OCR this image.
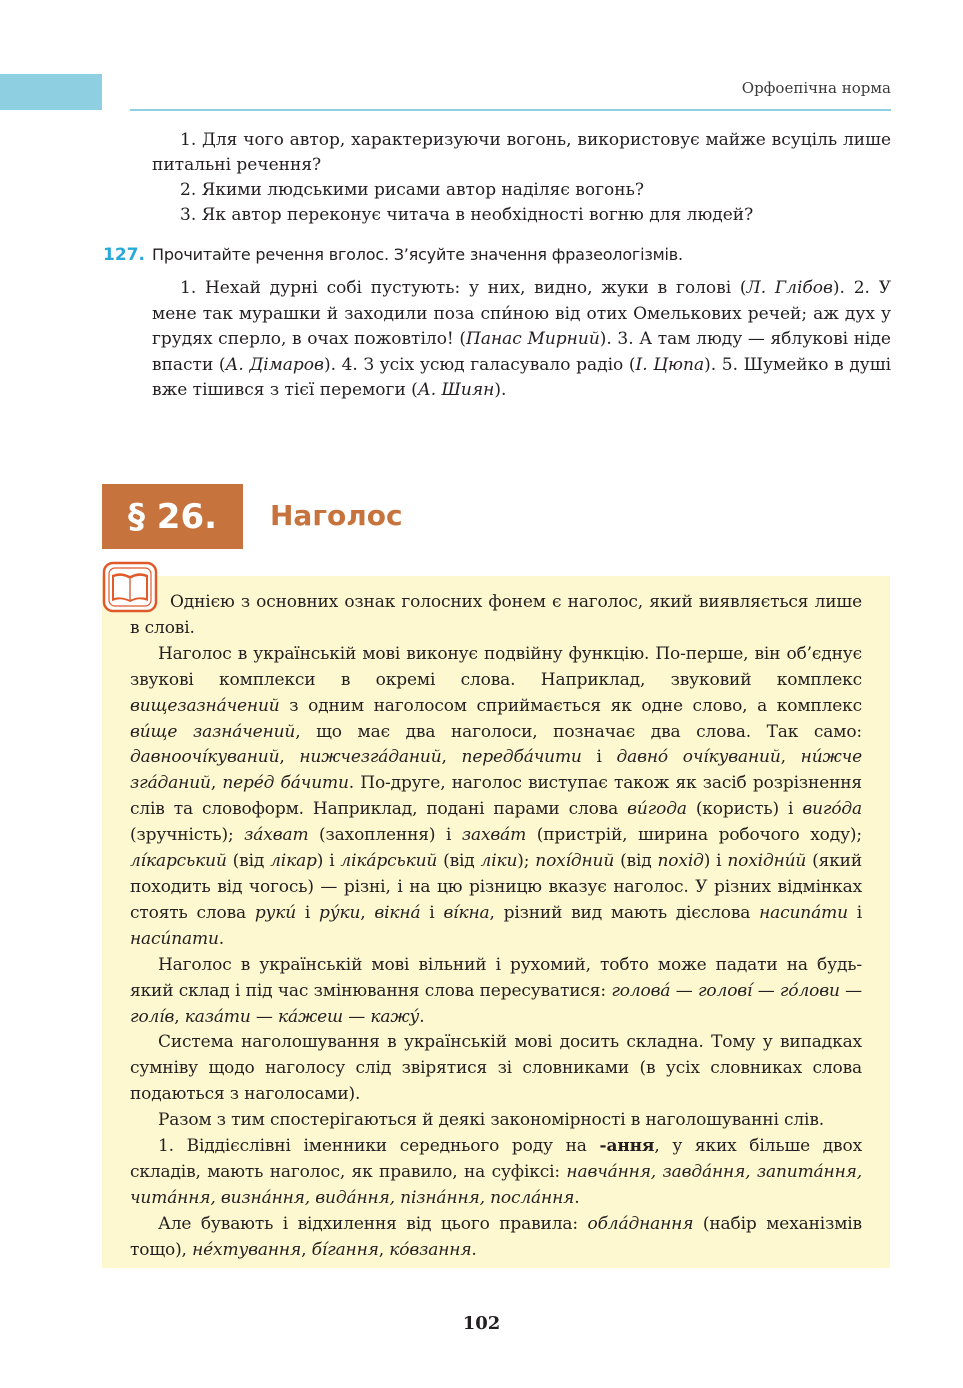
Орфоепічна норма

1. Для чого автор, характеризуючи вогонь, використовує майже всуціль лише питальні речення?

2. Якими людськими рисами автор наділяє вогонь?

3. Як автор переконує читача в необхідності вогню для людей?

127. Прочитайте речення вголос. З’ясуйте значення фразеологізмів.

1. Нехай дурні собі пустують: у них, видно, жуки в голові (Л. Глібов). 2. У мене так мурашки й заходили поза спи́ною від отих Омелькових речей; аж дух у грудях сперло, в очах пожовтіло! (Панас Мирний). 3. А там люду — яблукові ніде впасти (А. Дімаров). 4. З усіх усюд галасувало радіо (І. Цюпа). 5. Шумейко в душі вже тішився з тієї перемоги (А. Шиян).

§ 26.	Наголос

Однією з основних ознак голосних фонем є наголос, який виявляється лише в слові.

Наголос в українській мові виконує подвійну функцію. По-перше, він об’єднує звукові комплекси в окремі слова. Наприклад, звуковий комплекс вищезазна́чений з одним наголосом сприймається як одне слово, а комплекс ви́ще зазна́чений, що має два наголоси, позначає два слова. Так само: давноочі́куваний, нижчезга́даний, передба́чити і давно́ очі́куваний, ни́жче зга́даний, пере́д ба́чити. По-друге, наголос виступає також як засіб розрізнення слів та словоформ. Наприклад, подані парами слова ви́года (користь) і виго́да (зручність); за́хват (захоплення) і захва́т (пристрій, ширина робочого ходу); лі́карський (від лікар) і ліка́рський (від ліки); похі́дний (від похід) і похідни́й (який походить від чогось) — різні, і на цю різницю вказує наголос. У різних відмінках стоять слова руки́ і ру́ки, вікна́ і ві́кна, різний вид мають дієслова насипа́ти і наси́пати.

Наголос в українській мові вільний і рухомий, тобто може падати на будь-який склад і під час змінювання слова пересуватися: голова́ — голові́ — го́лови — голі́в, каза́ти — ка́жеш — кажу́.

Система наголошування в українській мові досить складна. Тому у випадках сумніву щодо наголосу слід звірятися зі словниками (в усіх словниках слова подаються з наголосами).

Разом з тим спостерігаються й деякі закономірності в наголошуванні слів.

1. Віддієслівні іменники середнього роду на -ання, у яких більше двох складів, мають наголос, як правило, на суфіксі: навча́ння, завда́ння, запита́ння, чита́ння, визна́ння, вида́ння, пізна́ння, посла́ння.

Але бувають і відхилення від цього правила: обла́днання (набір механізмів тощо), не́хтування, бі́гання, ко́взання.

102
